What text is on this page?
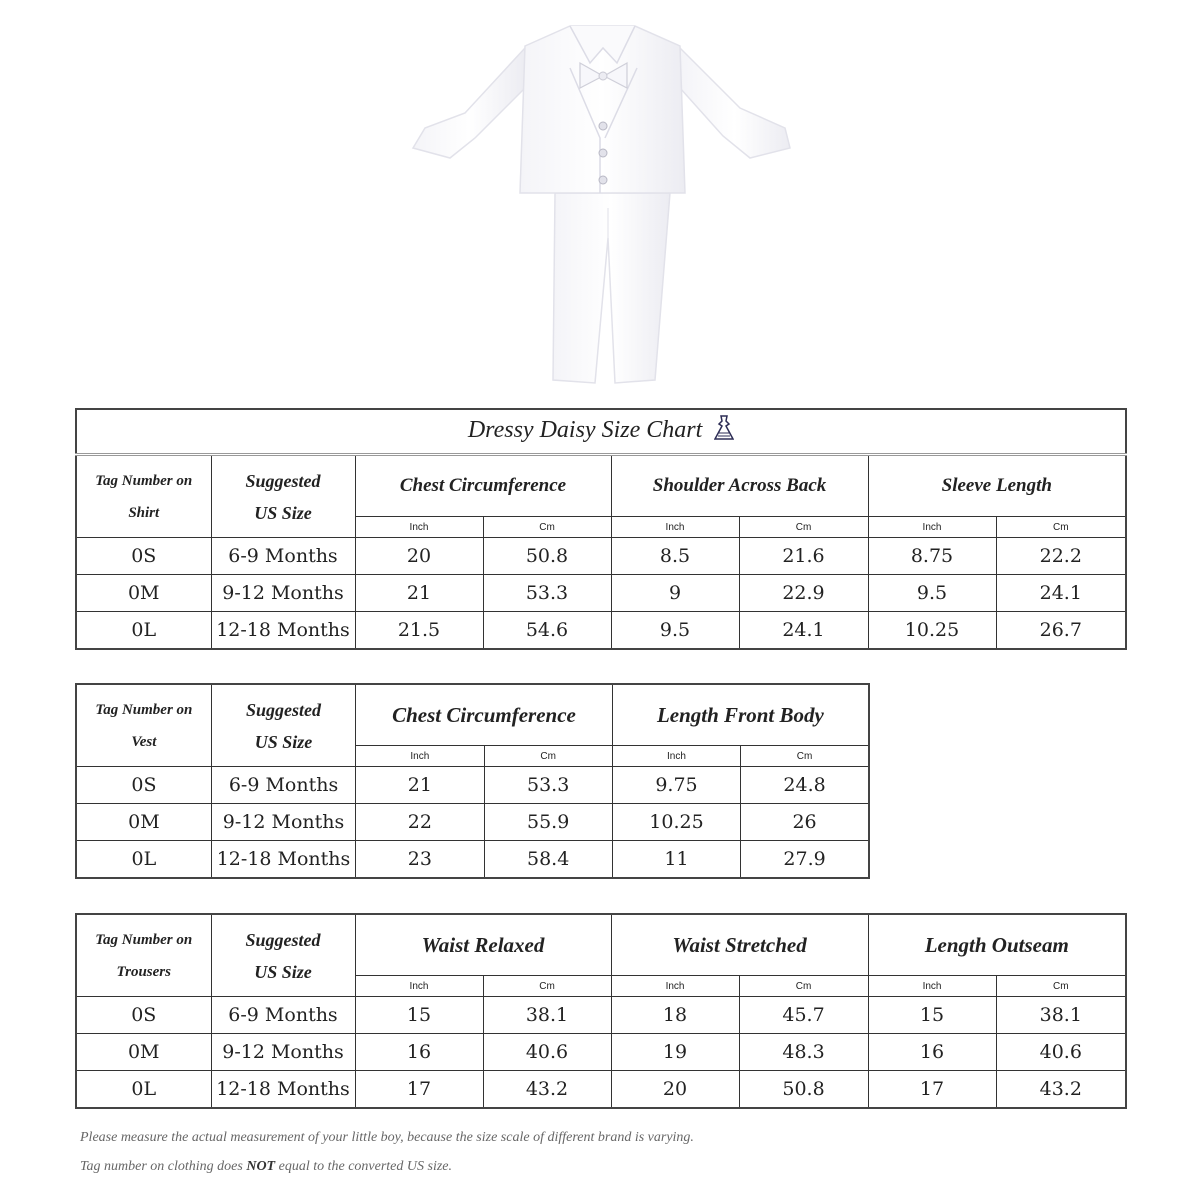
Dressy Daisy Size Chart							
Tag Number on
Shirt	Suggested
US Size	Chest Circumference		Shoulder Across Back		Sleeve Length	
		Inch	Cm	Inch	Cm	Inch	Cm
0S	6-9 Months	20	50.8	8.5	21.6	8.75	22.2
0M	9-12 Months	21	53.3	9	22.9	9.5	24.1
0L	12-18 Months	21.5	54.6	9.5	24.1	10.25	26.7
Tag Number on
Vest	Suggested
US Size	Chest Circumference		Length Front Body	
		Inch	Cm	Inch	Cm
0S	6-9 Months	21	53.3	9.75	24.8
0M	9-12 Months	22	55.9	10.25	26
0L	12-18 Months	23	58.4	11	27.9
Tag Number on
Trousers	Suggested
US Size	Waist Relaxed		Waist Stretched		Length Outseam	
		Inch	Cm	Inch	Cm	Inch	Cm
0S	6-9 Months	15	38.1	18	45.7	15	38.1
0M	9-12 Months	16	40.6	19	48.3	16	40.6
0L	12-18 Months	17	43.2	20	50.8	17	43.2

Please measure the actual measurement of your little boy, because the size scale of different brand is varying.

Tag number on clothing does NOT equal to the converted US size.
